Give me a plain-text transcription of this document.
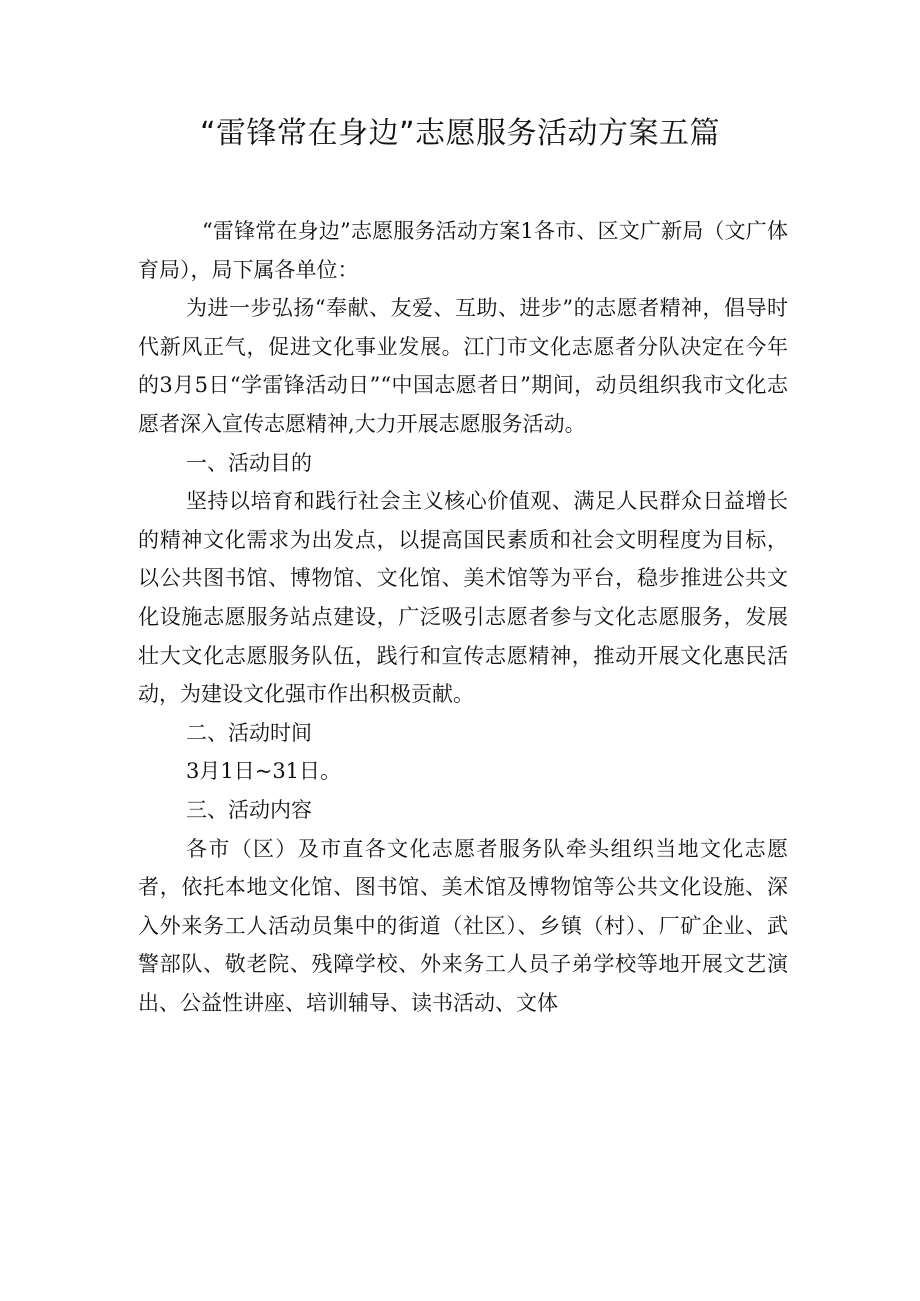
“雷锋常在身边”志愿服务活动方案五篇

“雷锋常在身边”志愿服务活动方案1各市、区文广新局（文广体育局），局下属各单位：

为进一步弘扬“奉献、友爱、互助、进步”的志愿者精神，倡导时代新风正气，促进文化事业发展。江门市文化志愿者分队决定在今年的3月5日“学雷锋活动日”“中国志愿者日”期间，动员组织我市文化志愿者深入宣传志愿精神,大力开展志愿服务活动。

一、活动目的

坚持以培育和践行社会主义核心价值观、满足人民群众日益增长的精神文化需求为出发点，以提高国民素质和社会文明程度为目标，以公共图书馆、博物馆、文化馆、美术馆等为平台，稳步推进公共文化设施志愿服务站点建设，广泛吸引志愿者参与文化志愿服务，发展壮大文化志愿服务队伍，践行和宣传志愿精神，推动开展文化惠民活动，为建设文化强市作出积极贡献。

二、活动时间

3月1日~31日。

三、活动内容

各市（区）及市直各文化志愿者服务队牵头组织当地文化志愿者，依托本地文化馆、图书馆、美术馆及博物馆等公共文化设施、深入外来务工人活动员集中的街道（社区）、乡镇（村）、厂矿企业、武警部队、敬老院、残障学校、外来务工人员子弟学校等地开展文艺演出、公益性讲座、培训辅导、读书活动、文体
